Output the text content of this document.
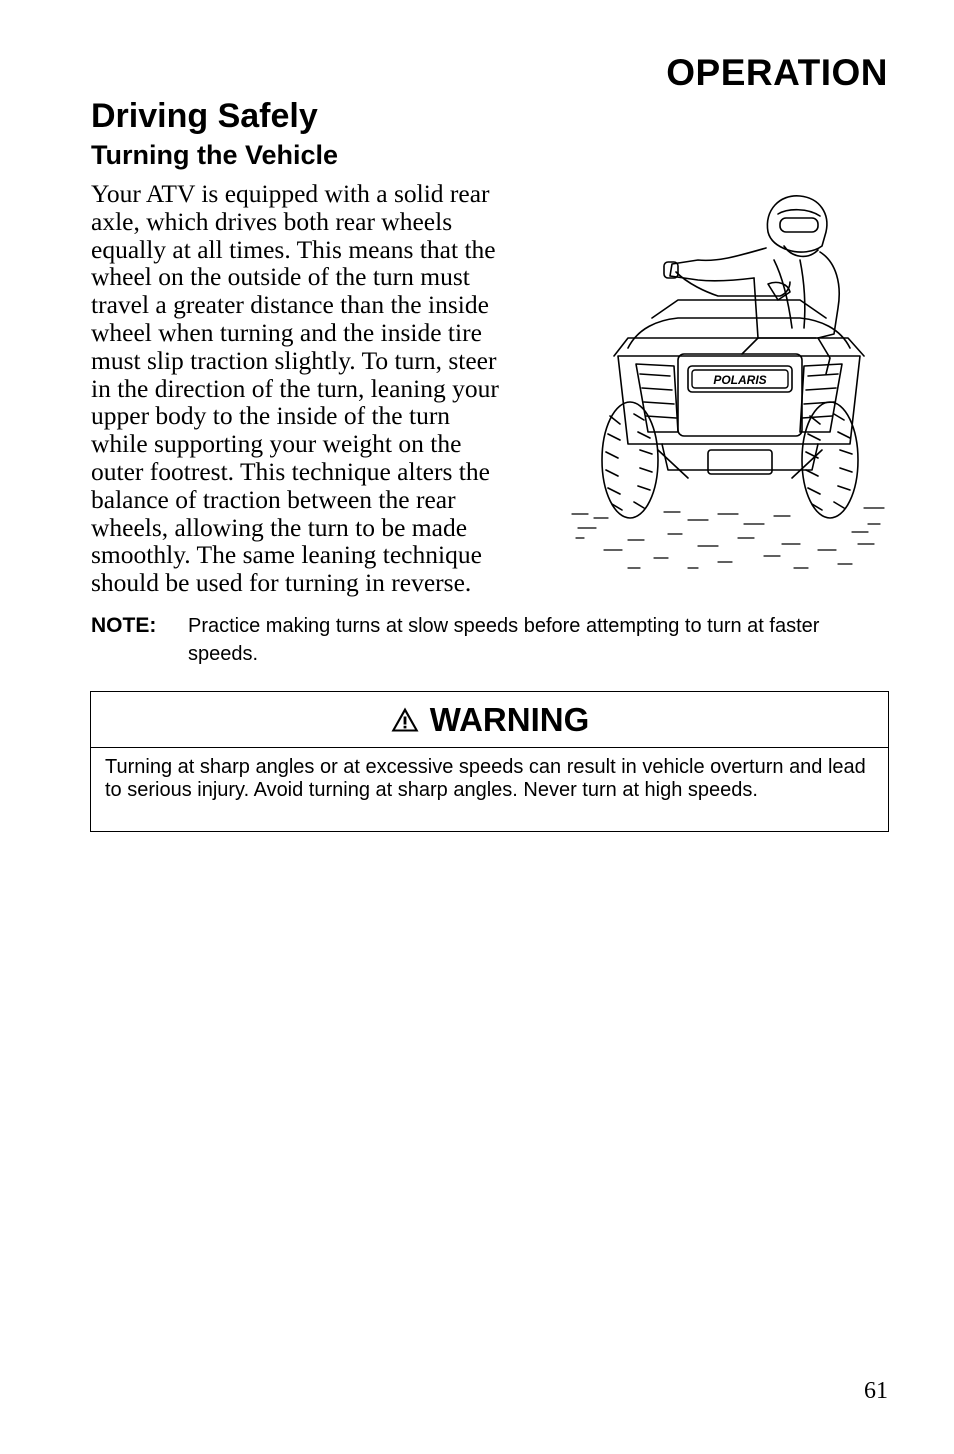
OPERATION
Driving Safely
Turning the Vehicle
Your ATV is equipped with a solid rear
axle, which drives both rear wheels
equally at all times. This means that the
wheel on the outside of the turn must
travel a greater distance than the inside
wheel when turning and the inside tire
must slip traction slightly. To turn, steer
in the direction of the turn, leaning your
upper body to the inside of the turn
while supporting your weight on the
outer footrest. This technique alters the
balance of traction between the rear
wheels, allowing the turn to be made
smoothly. The same leaning technique
should be used for turning in reverse.
POLARIS
NOTE: Practice making turns at slow speeds before attempting to turn at faster speeds.
WARNING
Turning at sharp angles or at excessive speeds can result in vehicle overturn and lead to serious injury. Avoid turning at sharp angles. Never turn at high speeds.
61
